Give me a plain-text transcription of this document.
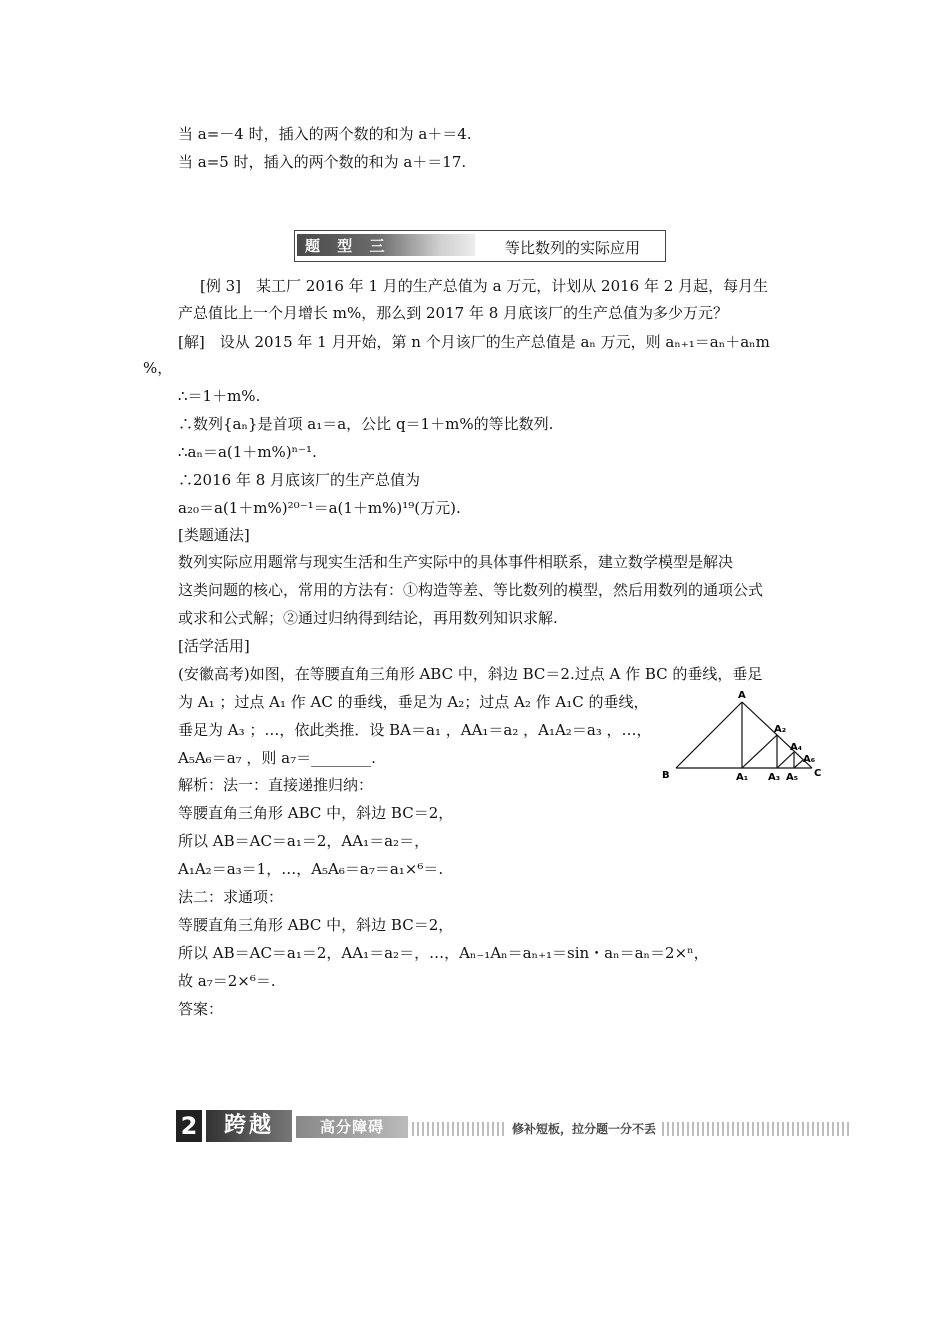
当 a=－4 时，插入的两个数的和为 a＋＝4.
当 a=5 时，插入的两个数的和为 a＋＝17.
题 型 三	等比数列的实际应用
[例 3]　某工厂 2016 年 1 月的生产总值为 a 万元，计划从 2016 年 2 月起，每月生
产总值比上一个月增长 m%，那么到 2017 年 8 月底该厂的生产总值为多少万元？
[解]　设从 2015 年 1 月开始，第 n 个月该厂的生产总值是 aₙ 万元，则 aₙ₊₁＝aₙ＋aₙm
%，
∴＝1＋m%.
∴数列{aₙ}是首项 a₁＝a，公比 q＝1＋m%的等比数列.
∴aₙ＝a(1＋m%)ⁿ⁻¹.
∴2016 年 8 月底该厂的生产总值为
a₂₀＝a(1＋m%)²⁰⁻¹＝a(1＋m%)¹⁹(万元).
[类题通法]
数列实际应用题常与现实生活和生产实际中的具体事件相联系，建立数学模型是解决
这类问题的核心，常用的方法有：①构造等差、等比数列的模型，然后用数列的通项公式
或求和公式解；②通过归纳得到结论，再用数列知识求解.
[活学活用]
(安徽高考)如图，在等腰直角三角形 ABC 中，斜边 BC＝2.过点 A 作 BC 的垂线，垂足
为 A₁ ；过点 A₁ 作 AC 的垂线，垂足为 A₂；过点 A₂ 作 A₁C 的垂线，
垂足为 A₃ ；…，依此类推．设 BA＝a₁ ，AA₁＝a₂ ，A₁A₂＝a₃ ，…，
A₅A₆＝a₇ ，则 a₇＝________.
A
B	C
A₁
A₂
A₃
A₄
A₅
A₆
解析：法一：直接递推归纳：
等腰直角三角形 ABC 中，斜边 BC＝2，
所以 AB＝AC＝a₁＝2，AA₁＝a₂＝，
A₁A₂＝a₃＝1，…，A₅A₆＝a₇＝a₁×⁶＝.
法二：求通项：
等腰直角三角形 ABC 中，斜边 BC＝2，
所以 AB＝AC＝a₁＝2，AA₁＝a₂＝，…，Aₙ₋₁Aₙ＝aₙ₊₁＝sin・aₙ＝aₙ＝2×ⁿ，
故 a₇＝2×⁶＝.
答案：
2	跨越	高分障碍	修补短板，拉分题一分不丢
